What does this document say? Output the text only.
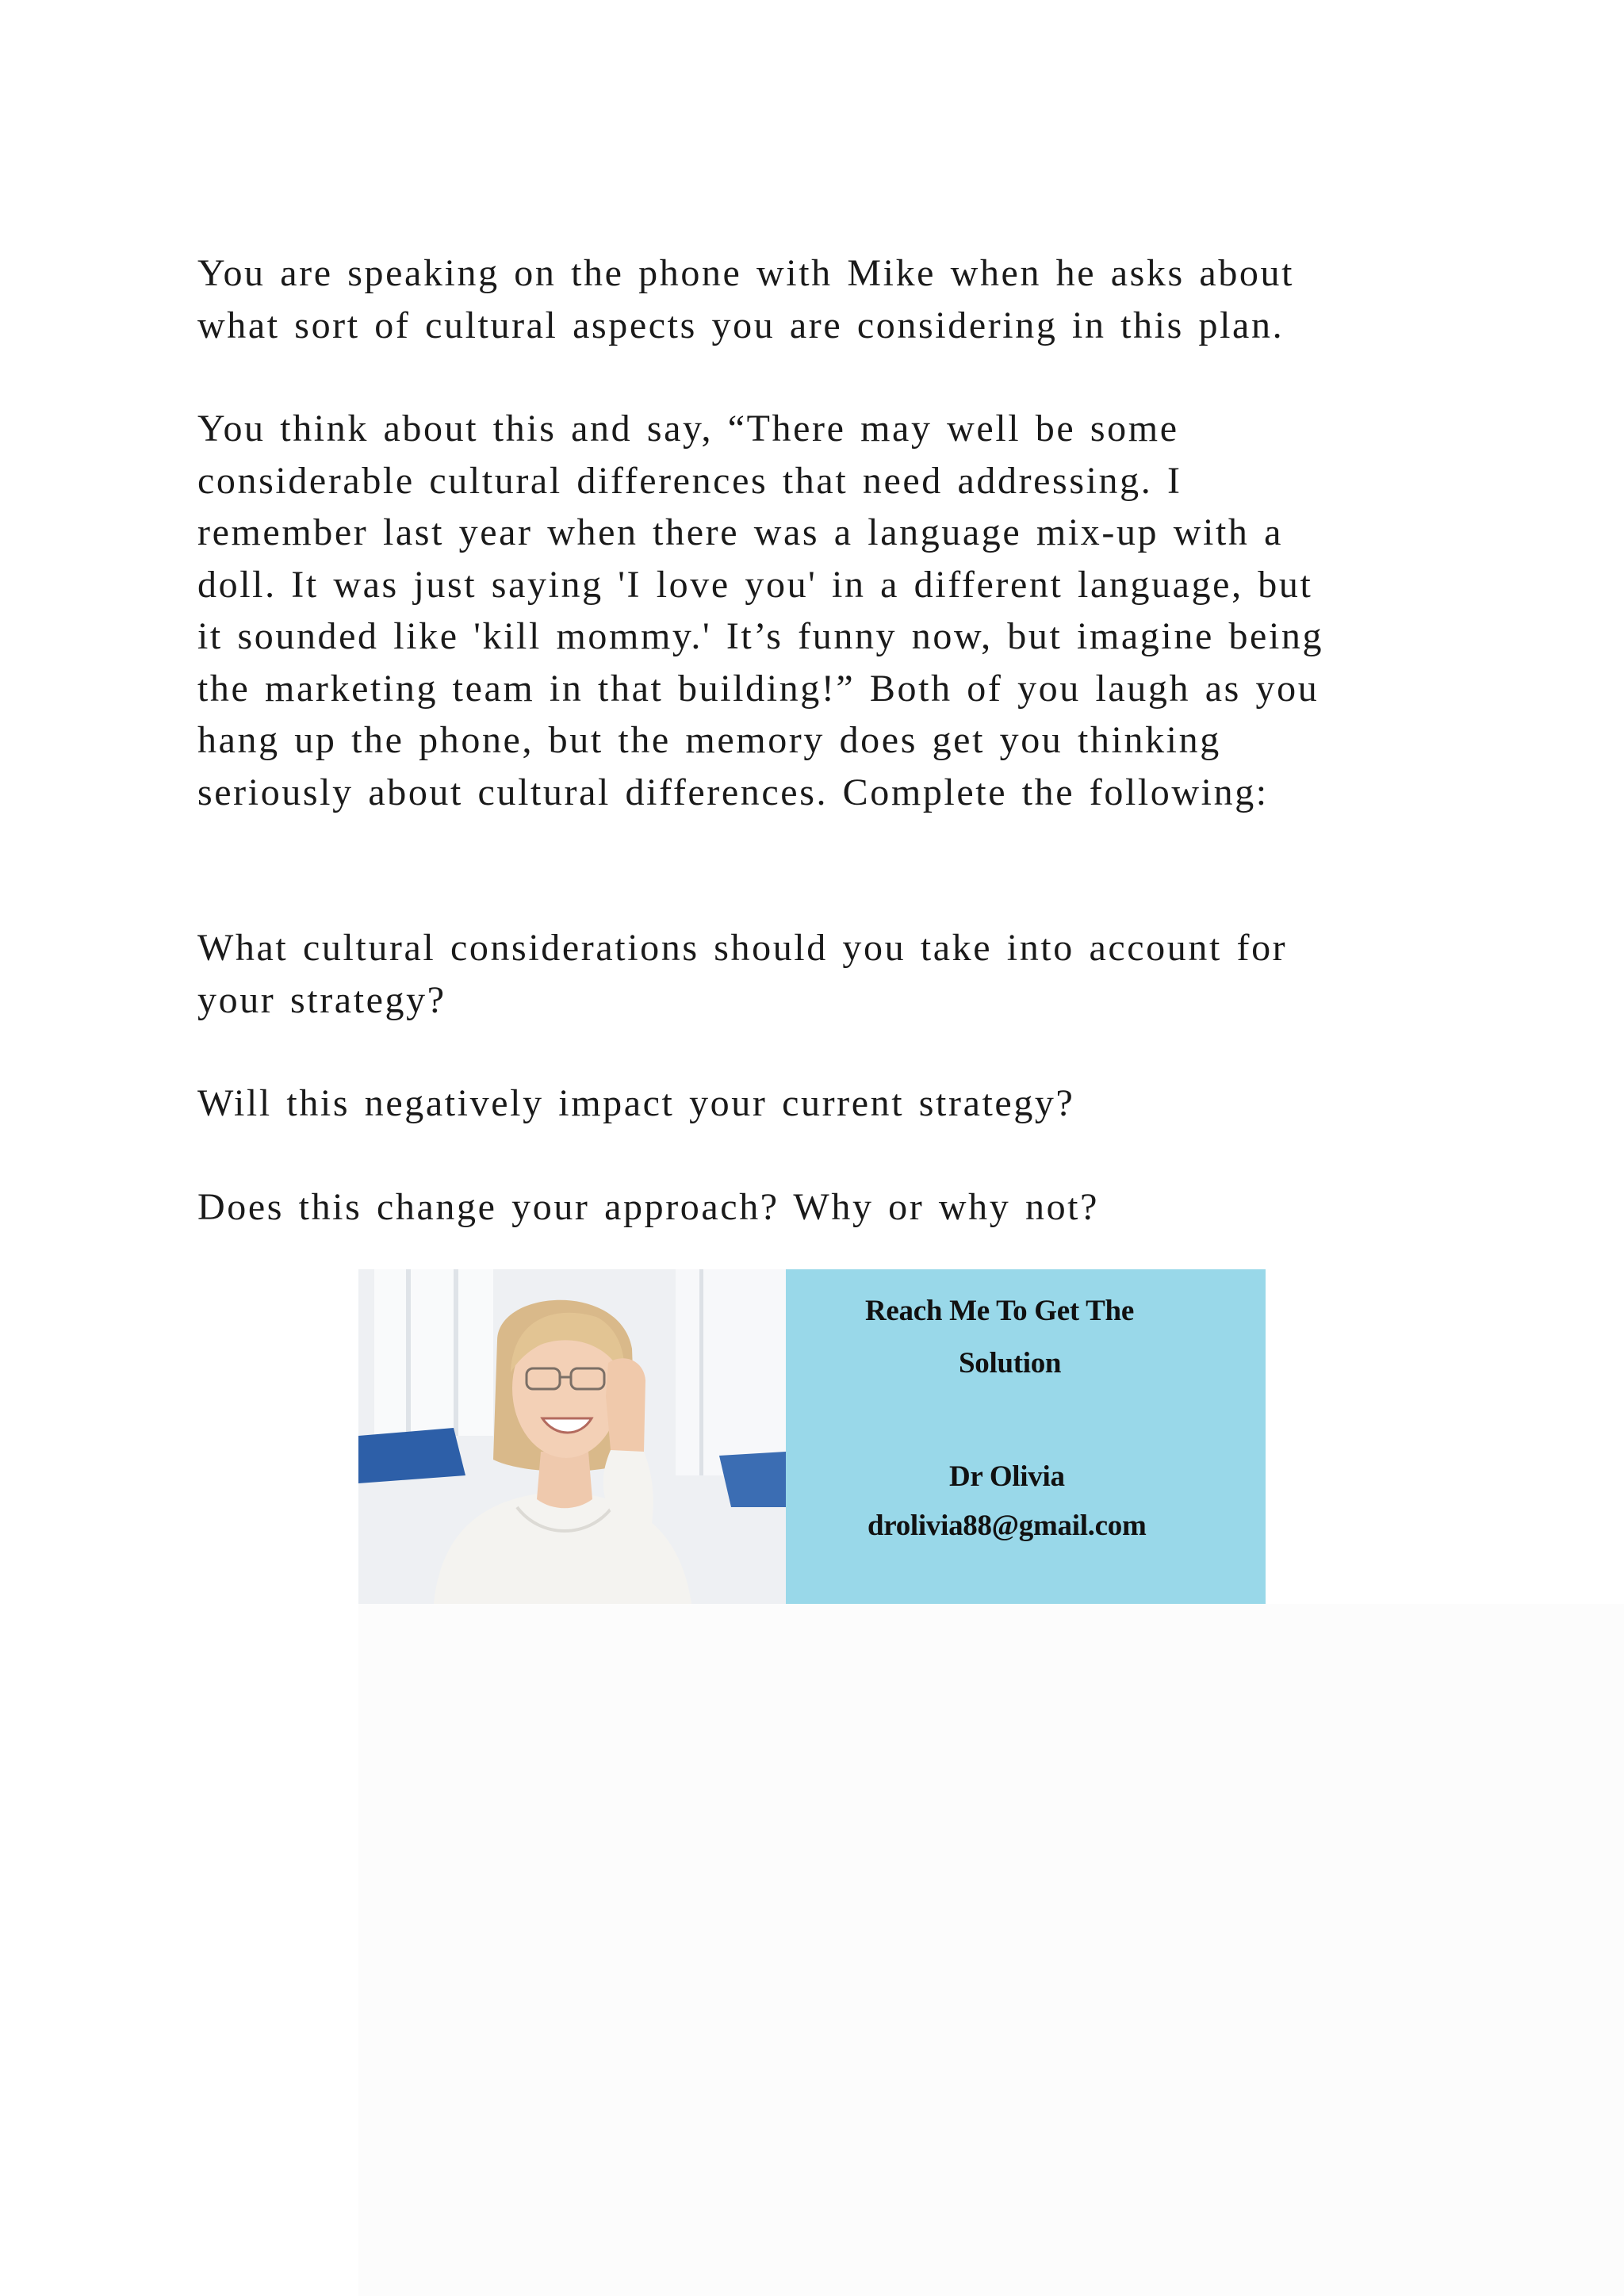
You are speaking on the phone with Mike when he asks about

what sort of cultural aspects you are considering in this plan.

You think about this and say, “There may well be some

considerable cultural differences that need addressing. I

remember last year when there was a language mix-up with a

doll. It was just saying 'I love you' in a different language, but

it sounded like 'kill mommy.' It’s funny now, but imagine being

the marketing team in that building!” Both of you laugh as you

hang up the phone, but the memory does get you thinking

seriously about cultural differences. Complete the following:

What cultural considerations should you take into account for

your strategy?

Will this negatively impact your current strategy?

Does this change your approach? Why or why not?

Reach Me To Get The
Solution
Dr Olivia
drolivia88@gmail.com
